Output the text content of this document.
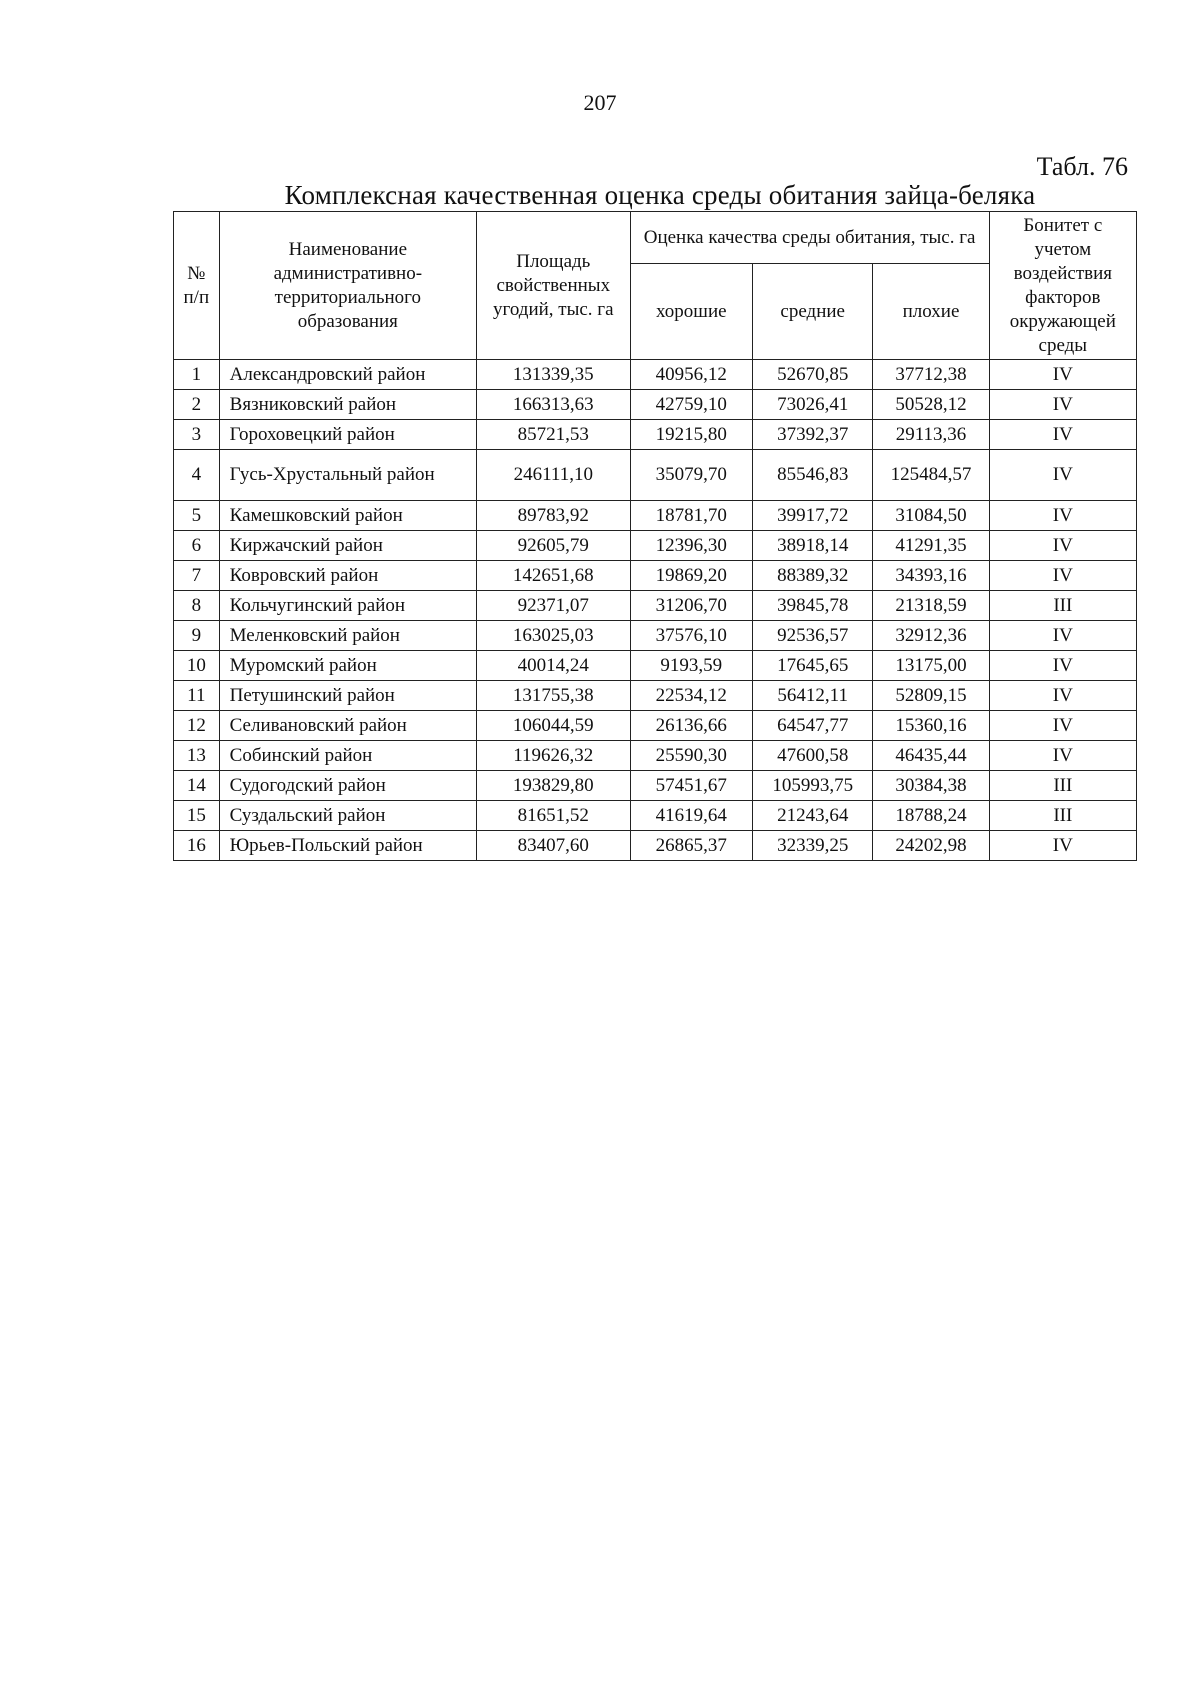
207
Табл. 76
Комплексная качественная оценка среды обитания зайца-беляка
№ п/п	Наименование административно-территориального образования	Площадь свойственных угодий, тыс. га	Оценка качества среды обитания, тыс. га			Бонитет с учетом воздействия факторов окружающей среды
			хорошие	средние	плохие	
1	Александровский район	131339,35	40956,12	52670,85	37712,38	IV
2	Вязниковский район	166313,63	42759,10	73026,41	50528,12	IV
3	Гороховецкий район	85721,53	19215,80	37392,37	29113,36	IV
4	Гусь-Хрустальный район	246111,10	35079,70	85546,83	125484,57	IV
5	Камешковский район	89783,92	18781,70	39917,72	31084,50	IV
6	Киржачский район	92605,79	12396,30	38918,14	41291,35	IV
7	Ковровский район	142651,68	19869,20	88389,32	34393,16	IV
8	Кольчугинский район	92371,07	31206,70	39845,78	21318,59	III
9	Меленковский район	163025,03	37576,10	92536,57	32912,36	IV
10	Муромский район	40014,24	9193,59	17645,65	13175,00	IV
11	Петушинский район	131755,38	22534,12	56412,11	52809,15	IV
12	Селивановский район	106044,59	26136,66	64547,77	15360,16	IV
13	Собинский район	119626,32	25590,30	47600,58	46435,44	IV
14	Судогодский район	193829,80	57451,67	105993,75	30384,38	III
15	Суздальский район	81651,52	41619,64	21243,64	18788,24	III
16	Юрьев-Польский район	83407,60	26865,37	32339,25	24202,98	IV
